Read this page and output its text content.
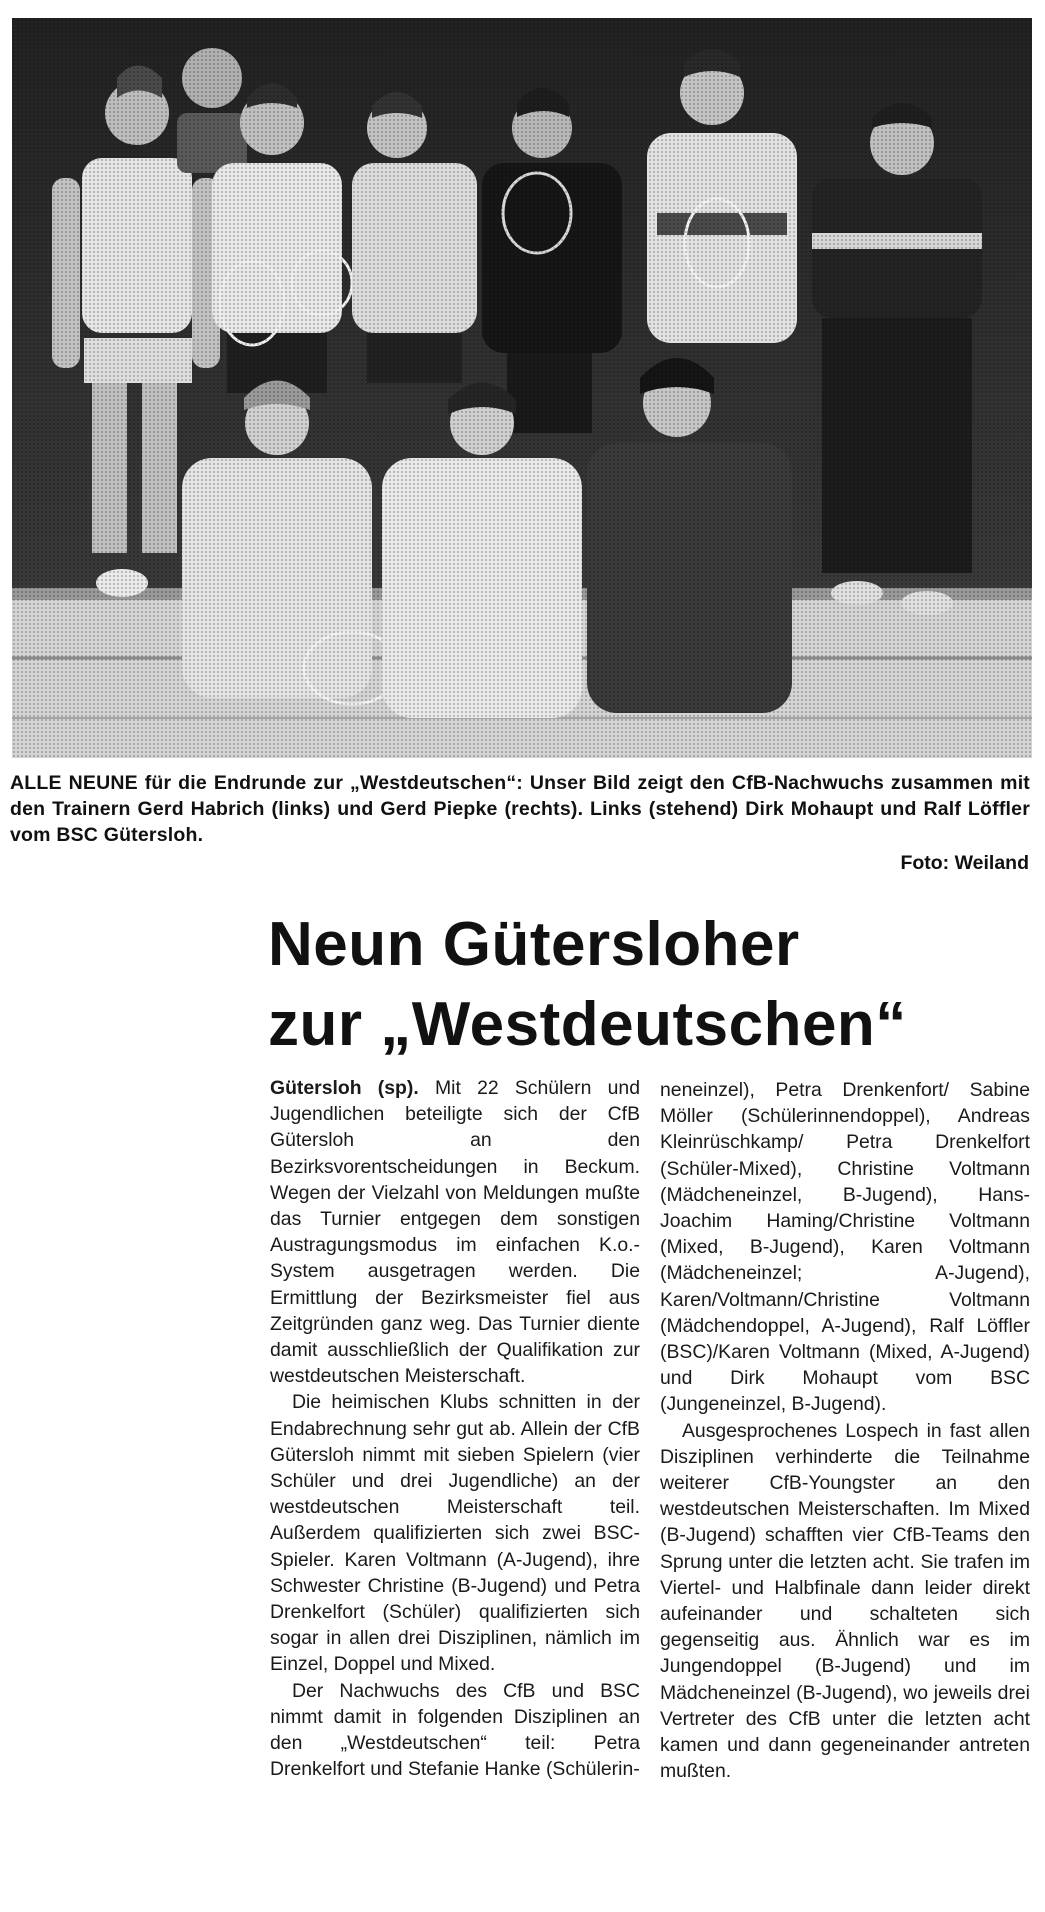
ALLE NEUNE für die Endrunde zur „Westdeutschen“: Unser Bild zeigt den CfB-Nachwuchs zusammen mit den Trainern Gerd Habrich (links) und Gerd Piepke (rechts). Links (stehend) Dirk Mohaupt und Ralf Löffler vom BSC Gütersloh.
Foto: Weiland
Neun Gütersloher
zur „Westdeutschen“

Gütersloh (sp). Mit 22 Schülern und Jugendlichen beteiligte sich der CfB Gütersloh an den Bezirksvorentscheidungen in Beckum. Wegen der Vielzahl von Meldungen mußte das Turnier entgegen dem sonstigen Austragungsmodus im einfachen K.o.-System ausgetragen werden. Die Ermittlung der Bezirksmeister fiel aus Zeitgründen ganz weg. Das Turnier diente damit ausschließlich der Qualifikation zur westdeutschen Meisterschaft.

Die heimischen Klubs schnitten in der Endabrechnung sehr gut ab. Allein der CfB Gütersloh nimmt mit sieben Spielern (vier Schüler und drei Jugendliche) an der westdeutschen Meisterschaft teil. Außerdem qualifizierten sich zwei BSC-Spieler. Karen Voltmann (A-Jugend), ihre Schwester Christine (B-Jugend) und Petra Drenkelfort (Schüler) qualifizierten sich sogar in allen drei Disziplinen, nämlich im Einzel, Doppel und Mixed.

Der Nachwuchs des CfB und BSC nimmt damit in folgenden Disziplinen an den „Westdeutschen“ teil: Petra Drenkelfort und Stefanie Hanke (Schülerin-

neneinzel), Petra Drenkenfort/ Sabine Möller (Schülerinnendoppel), Andreas Kleinrüschkamp/ Petra Drenkelfort (Schüler-Mixed), Christine Voltmann (Mädcheneinzel, B-Jugend), Hans-Joachim Haming/Christine Voltmann (Mixed, B-Jugend), Karen Voltmann (Mädcheneinzel; A-Jugend), Karen/Voltmann/Christine Voltmann (Mädchendoppel, A-Jugend), Ralf Löffler (BSC)/Karen Voltmann (Mixed, A-Jugend) und Dirk Mohaupt vom BSC (Jungeneinzel, B-Jugend).

Ausgesprochenes Lospech in fast allen Disziplinen verhinderte die Teilnahme weiterer CfB-Youngster an den westdeutschen Meisterschaften. Im Mixed (B-Jugend) schafften vier CfB-Teams den Sprung unter die letzten acht. Sie trafen im Viertel- und Halbfinale dann leider direkt aufeinander und schalteten sich gegenseitig aus. Ähnlich war es im Jungendoppel (B-Jugend) und im Mädcheneinzel (B-Jugend), wo jeweils drei Vertreter des CfB unter die letzten acht kamen und dann gegeneinander antreten mußten.
